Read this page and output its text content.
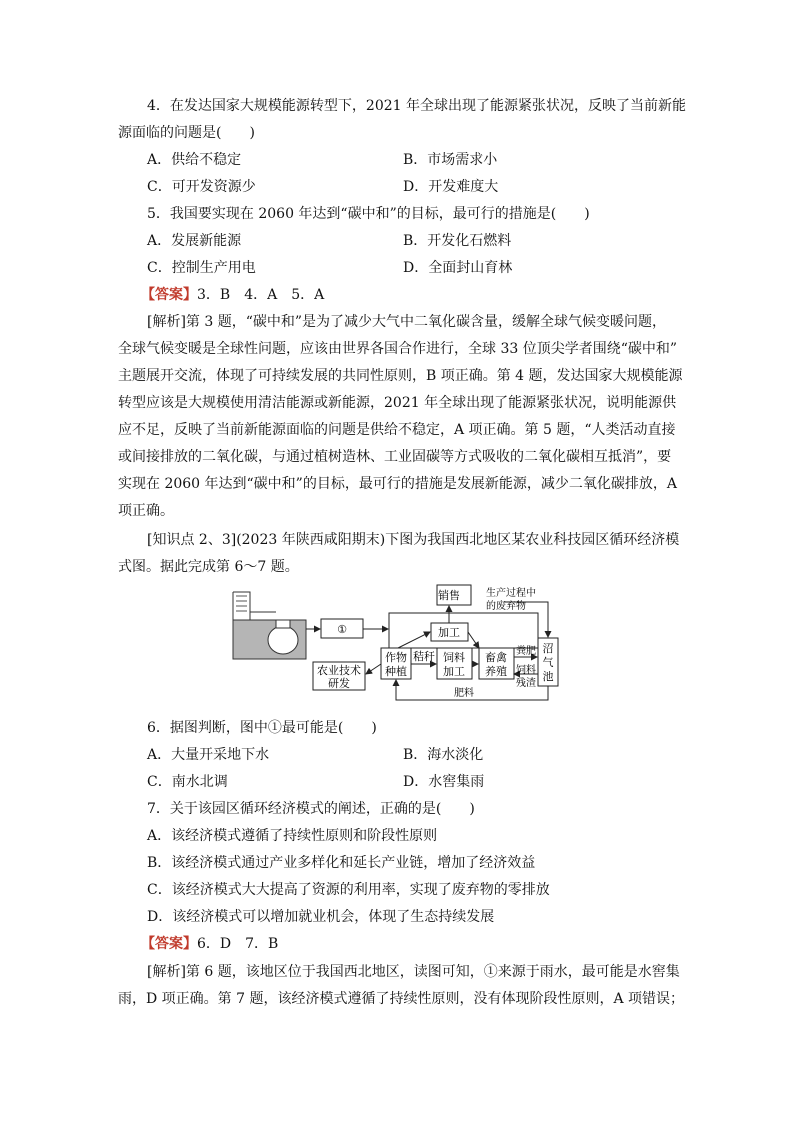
4．在发达国家大规模能源转型下，2021 年全球出现了能源紧张状况，反映了当前新能
源面临的问题是(　　)
A．供给不稳定	B．市场需求小
C．可开发资源少	D．开发难度大
5．我国要实现在 2060 年达到“碳中和”的目标，最可行的措施是(　　)
A．发展新能源	B．开发化石燃料
C．控制生产用电	D．全面封山育林
【答案】3．B　4．A　5．A
[解析]第 3 题，“碳中和”是为了减少大气中二氧化碳含量，缓解全球气候变暖问题，
全球气候变暖是全球性问题，应该由世界各国合作进行，全球 33 位顶尖学者围绕“碳中和”
主题展开交流，体现了可持续发展的共同性原则，B 项正确。第 4 题，发达国家大规模能源
转型应该是大规模使用清洁能源或新能源，2021 年全球出现了能源紧张状况，说明能源供
应不足，反映了当前新能源面临的问题是供给不稳定，A 项正确。第 5 题，“人类活动直接
或间接排放的二氧化碳，与通过植树造林、工业固碳等方式吸收的二氧化碳相互抵消”，要
实现在 2060 年达到“碳中和”的目标，最可行的措施是发展新能源，减少二氧化碳排放，A
项正确。
[知识点 2、3](2023 年陕西咸阳期末)下图为我国西北地区某农业科技园区循环经济模
式图。据此完成第 6～7 题。
销售	生产过程中
的废弃物
加工
①
作物
种植
秸秆 饲料
加工
畜禽
养殖
粪肥 沼
气
池
饲料
残渣
农业技术
研发
肥料
6．据图判断，图中①最可能是(　　)
A．大量开采地下水	B．海水淡化
C．南水北调	D．水窖集雨
7．关于该园区循环经济模式的阐述，正确的是(　　)
A．该经济模式遵循了持续性原则和阶段性原则
B．该经济模式通过产业多样化和延长产业链，增加了经济效益
C．该经济模式大大提高了资源的利用率，实现了废弃物的零排放
D．该经济模式可以增加就业机会，体现了生态持续发展
【答案】6．D　7．B
[解析]第 6 题，该地区位于我国西北地区，读图可知，①来源于雨水，最可能是水窖集
雨，D 项正确。第 7 题，该经济模式遵循了持续性原则，没有体现阶段性原则，A 项错误；
